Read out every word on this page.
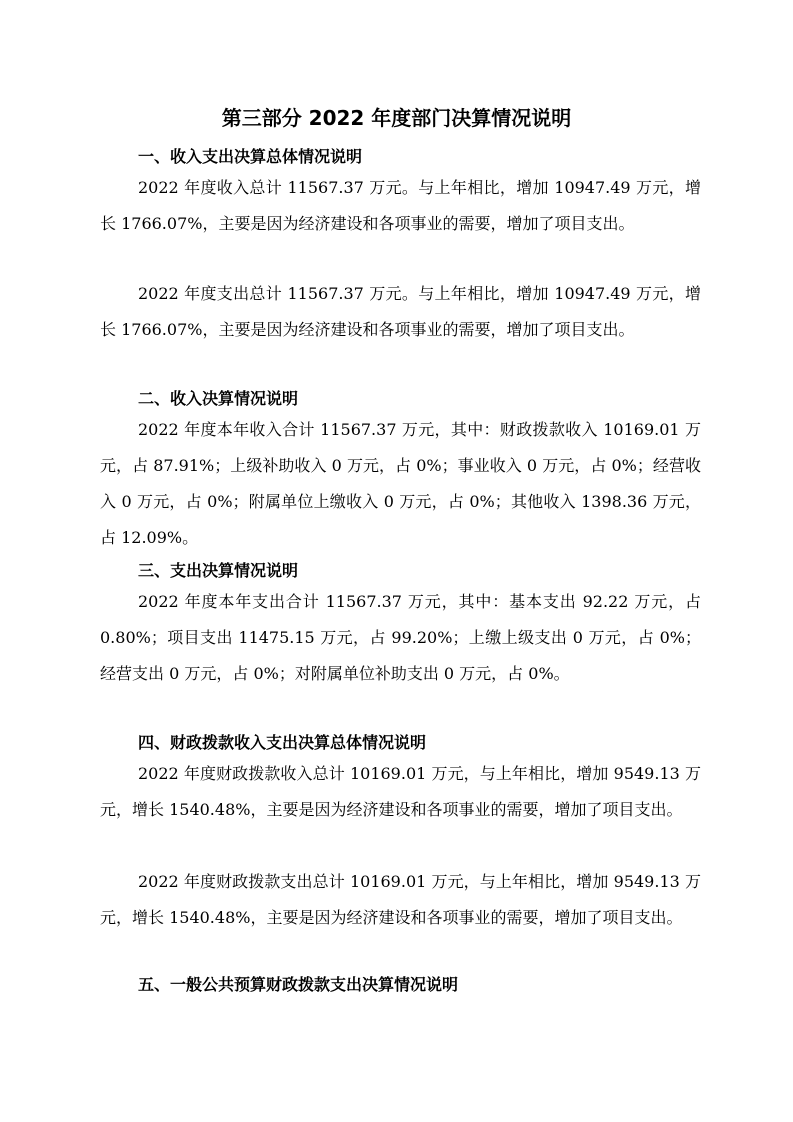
第三部分 2022 年度部门决算情况说明
一、收入支出决算总体情况说明

2022 年度收入总计 11567.37 万元。与上年相比，增加 10947.49 万元，增长 1766.07%，主要是因为经济建设和各项事业的需要，增加了项目支出。

2022 年度支出总计 11567.37 万元。与上年相比，增加 10947.49 万元，增长 1766.07%，主要是因为经济建设和各项事业的需要，增加了项目支出。

二、收入决算情况说明

2022 年度本年收入合计 11567.37 万元，其中：财政拨款收入 10169.01 万元，占 87.91%；上级补助收入 0 万元，占 0%；事业收入 0 万元，占 0%；经营收入 0 万元，占 0%；附属单位上缴收入 0 万元，占 0%；其他收入 1398.36 万元，占 12.09%。

三、支出决算情况说明

2022 年度本年支出合计 11567.37 万元，其中：基本支出 92.22 万元，占 0.80%；项目支出 11475.15 万元，占 99.20%；上缴上级支出 0 万元，占 0%；经营支出 0 万元，占 0%；对附属单位补助支出 0 万元，占 0%。

四、财政拨款收入支出决算总体情况说明

2022 年度财政拨款收入总计 10169.01 万元，与上年相比，增加 9549.13 万元，增长 1540.48%，主要是因为经济建设和各项事业的需要，增加了项目支出。

2022 年度财政拨款支出总计 10169.01 万元，与上年相比，增加 9549.13 万元，增长 1540.48%，主要是因为经济建设和各项事业的需要，增加了项目支出。

五、一般公共预算财政拨款支出决算情况说明
